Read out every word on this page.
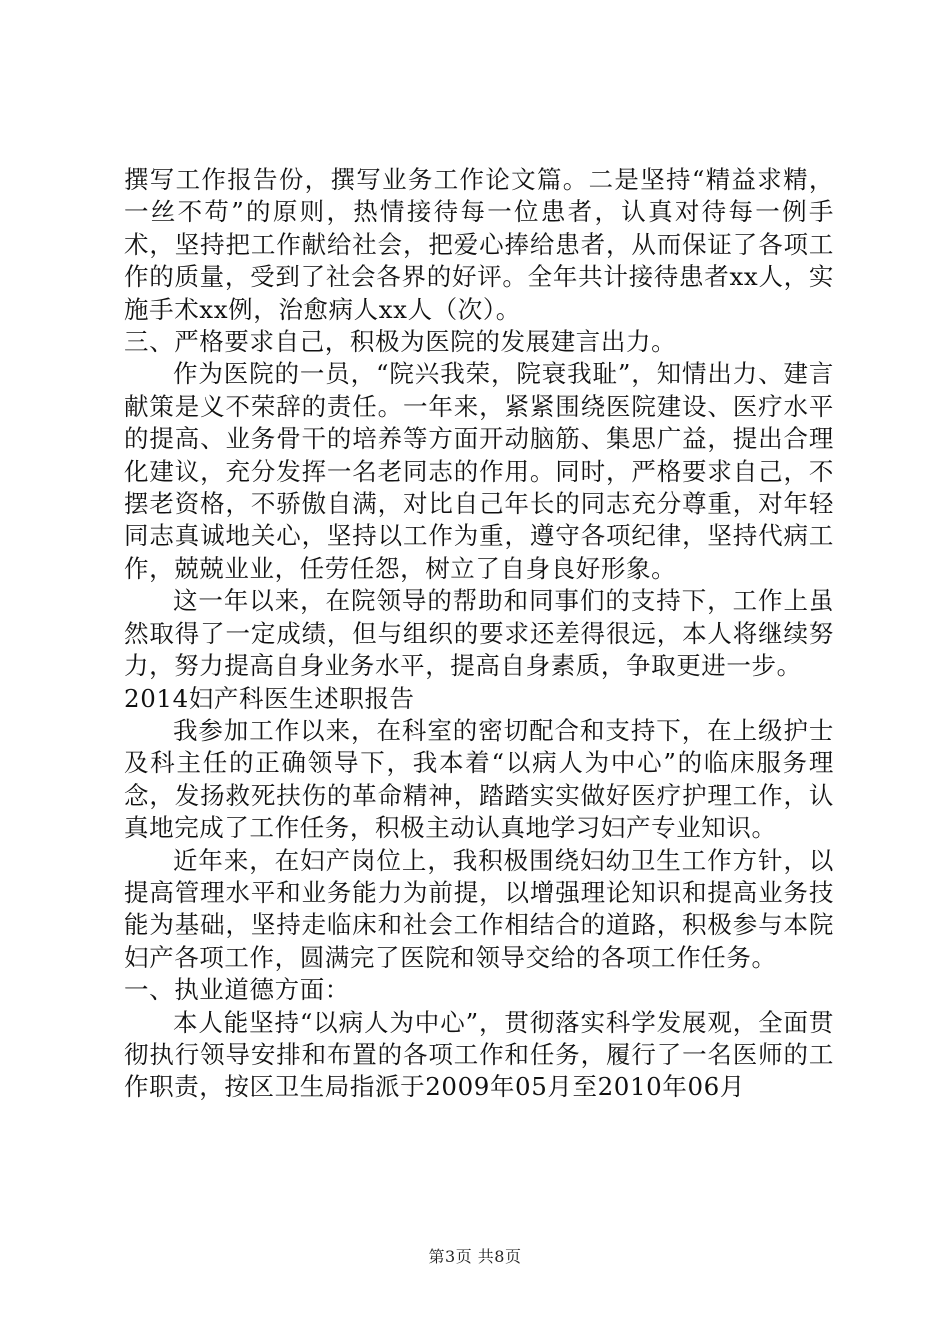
撰写工作报告份，撰写业务工作论文篇。二是坚持“精益求精，一丝不苟”的原则，热情接待每一位患者，认真对待每一例手术，坚持把工作献给社会，把爱心捧给患者，从而保证了各项工作的质量，受到了社会各界的好评。全年共计接待患者xx人，实施手术xx例，治愈病人xx人（次）。

三、严格要求自己，积极为医院的发展建言出力。

作为医院的一员，“院兴我荣，院衰我耻”，知情出力、建言献策是义不荣辞的责任。一年来，紧紧围绕医院建设、医疗水平的提高、业务骨干的培养等方面开动脑筋、集思广益，提出合理化建议，充分发挥一名老同志的作用。同时，严格要求自己，不摆老资格，不骄傲自满，对比自己年长的同志充分尊重，对年轻同志真诚地关心，坚持以工作为重，遵守各项纪律，坚持代病工作，兢兢业业，任劳任怨，树立了自身良好形象。

这一年以来，在院领导的帮助和同事们的支持下，工作上虽然取得了一定成绩，但与组织的要求还差得很远，本人将继续努力，努力提高自身业务水平，提高自身素质，争取更进一步。

2014妇产科医生述职报告

我参加工作以来，在科室的密切配合和支持下，在上级护士及科主任的正确领导下，我本着“以病人为中心”的临床服务理念，发扬救死扶伤的革命精神，踏踏实实做好医疗护理工作，认真地完成了工作任务，积极主动认真地学习妇产专业知识。

近年来，在妇产岗位上，我积极围绕妇幼卫生工作方针，以提高管理水平和业务能力为前提，以增强理论知识和提高业务技能为基础，坚持走临床和社会工作相结合的道路，积极参与本院妇产各项工作，圆满完了医院和领导交给的各项工作任务。

一、执业道德方面：

本人能坚持“以病人为中心”，贯彻落实科学发展观，全面贯彻执行领导安排和布置的各项工作和任务，履行了一名医师的工作职责，按区卫生局指派于2009年05月至2010年06月

第3页 共8页
